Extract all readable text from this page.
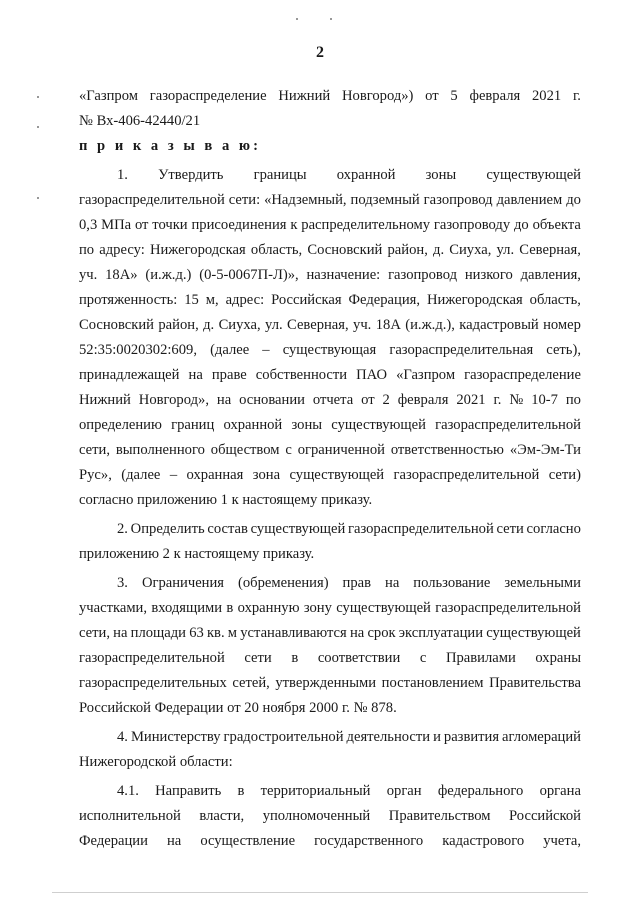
2
«Газпром газораспределение Нижний Новгород») от 5 февраля 2021 г.
№ Вх-406-42440/21
п р и к а з ы в а ю:
1. Утвердить границы охранной зоны существующей
газораспределительной сети: «Надземный, подземный газопровод давлением до
0,3 МПа от точки присоединения к распределительному газопроводу до объекта
по адресу: Нижегородская область, Сосновский район, д. Сиуха, ул. Северная,
уч. 18А» (и.ж.д.) (0-5-0067П-Л)», назначение: газопровод низкого давления,
протяженность: 15 м, адрес: Российская Федерация, Нижегородская область,
Сосновский район, д. Сиуха, ул. Северная, уч. 18А (и.ж.д.), кадастровый номер
52:35:0020302:609, (далее – существующая газораспределительная сеть),
принадлежащей на праве собственности ПАО «Газпром газораспределение
Нижний Новгород», на основании отчета от 2 февраля 2021 г. № 10-7 по
определению границ охранной зоны существующей газораспределительной
сети, выполненного обществом с ограниченной ответственностью «Эм-Эм-Ти
Рус», (далее – охранная зона существующей газораспределительной сети)
согласно приложению 1 к настоящему приказу.
2. Определить состав существующей газораспределительной сети согласно
приложению 2 к настоящему приказу.
3. Ограничения (обременения) прав на пользование земельными
участками, входящими в охранную зону существующей газораспределительной
сети, на площади 63 кв. м устанавливаются на срок эксплуатации существующей
газораспределительной сети в соответствии с Правилами охраны
газораспределительных сетей, утвержденными постановлением Правительства
Российской Федерации от 20 ноября 2000 г. № 878.
4. Министерству градостроительной деятельности и развития агломераций
Нижегородской области:
4.1. Направить в территориальный орган федерального органа
исполнительной власти, уполномоченный Правительством Российской
Федерации на осуществление государственного кадастрового учета,
